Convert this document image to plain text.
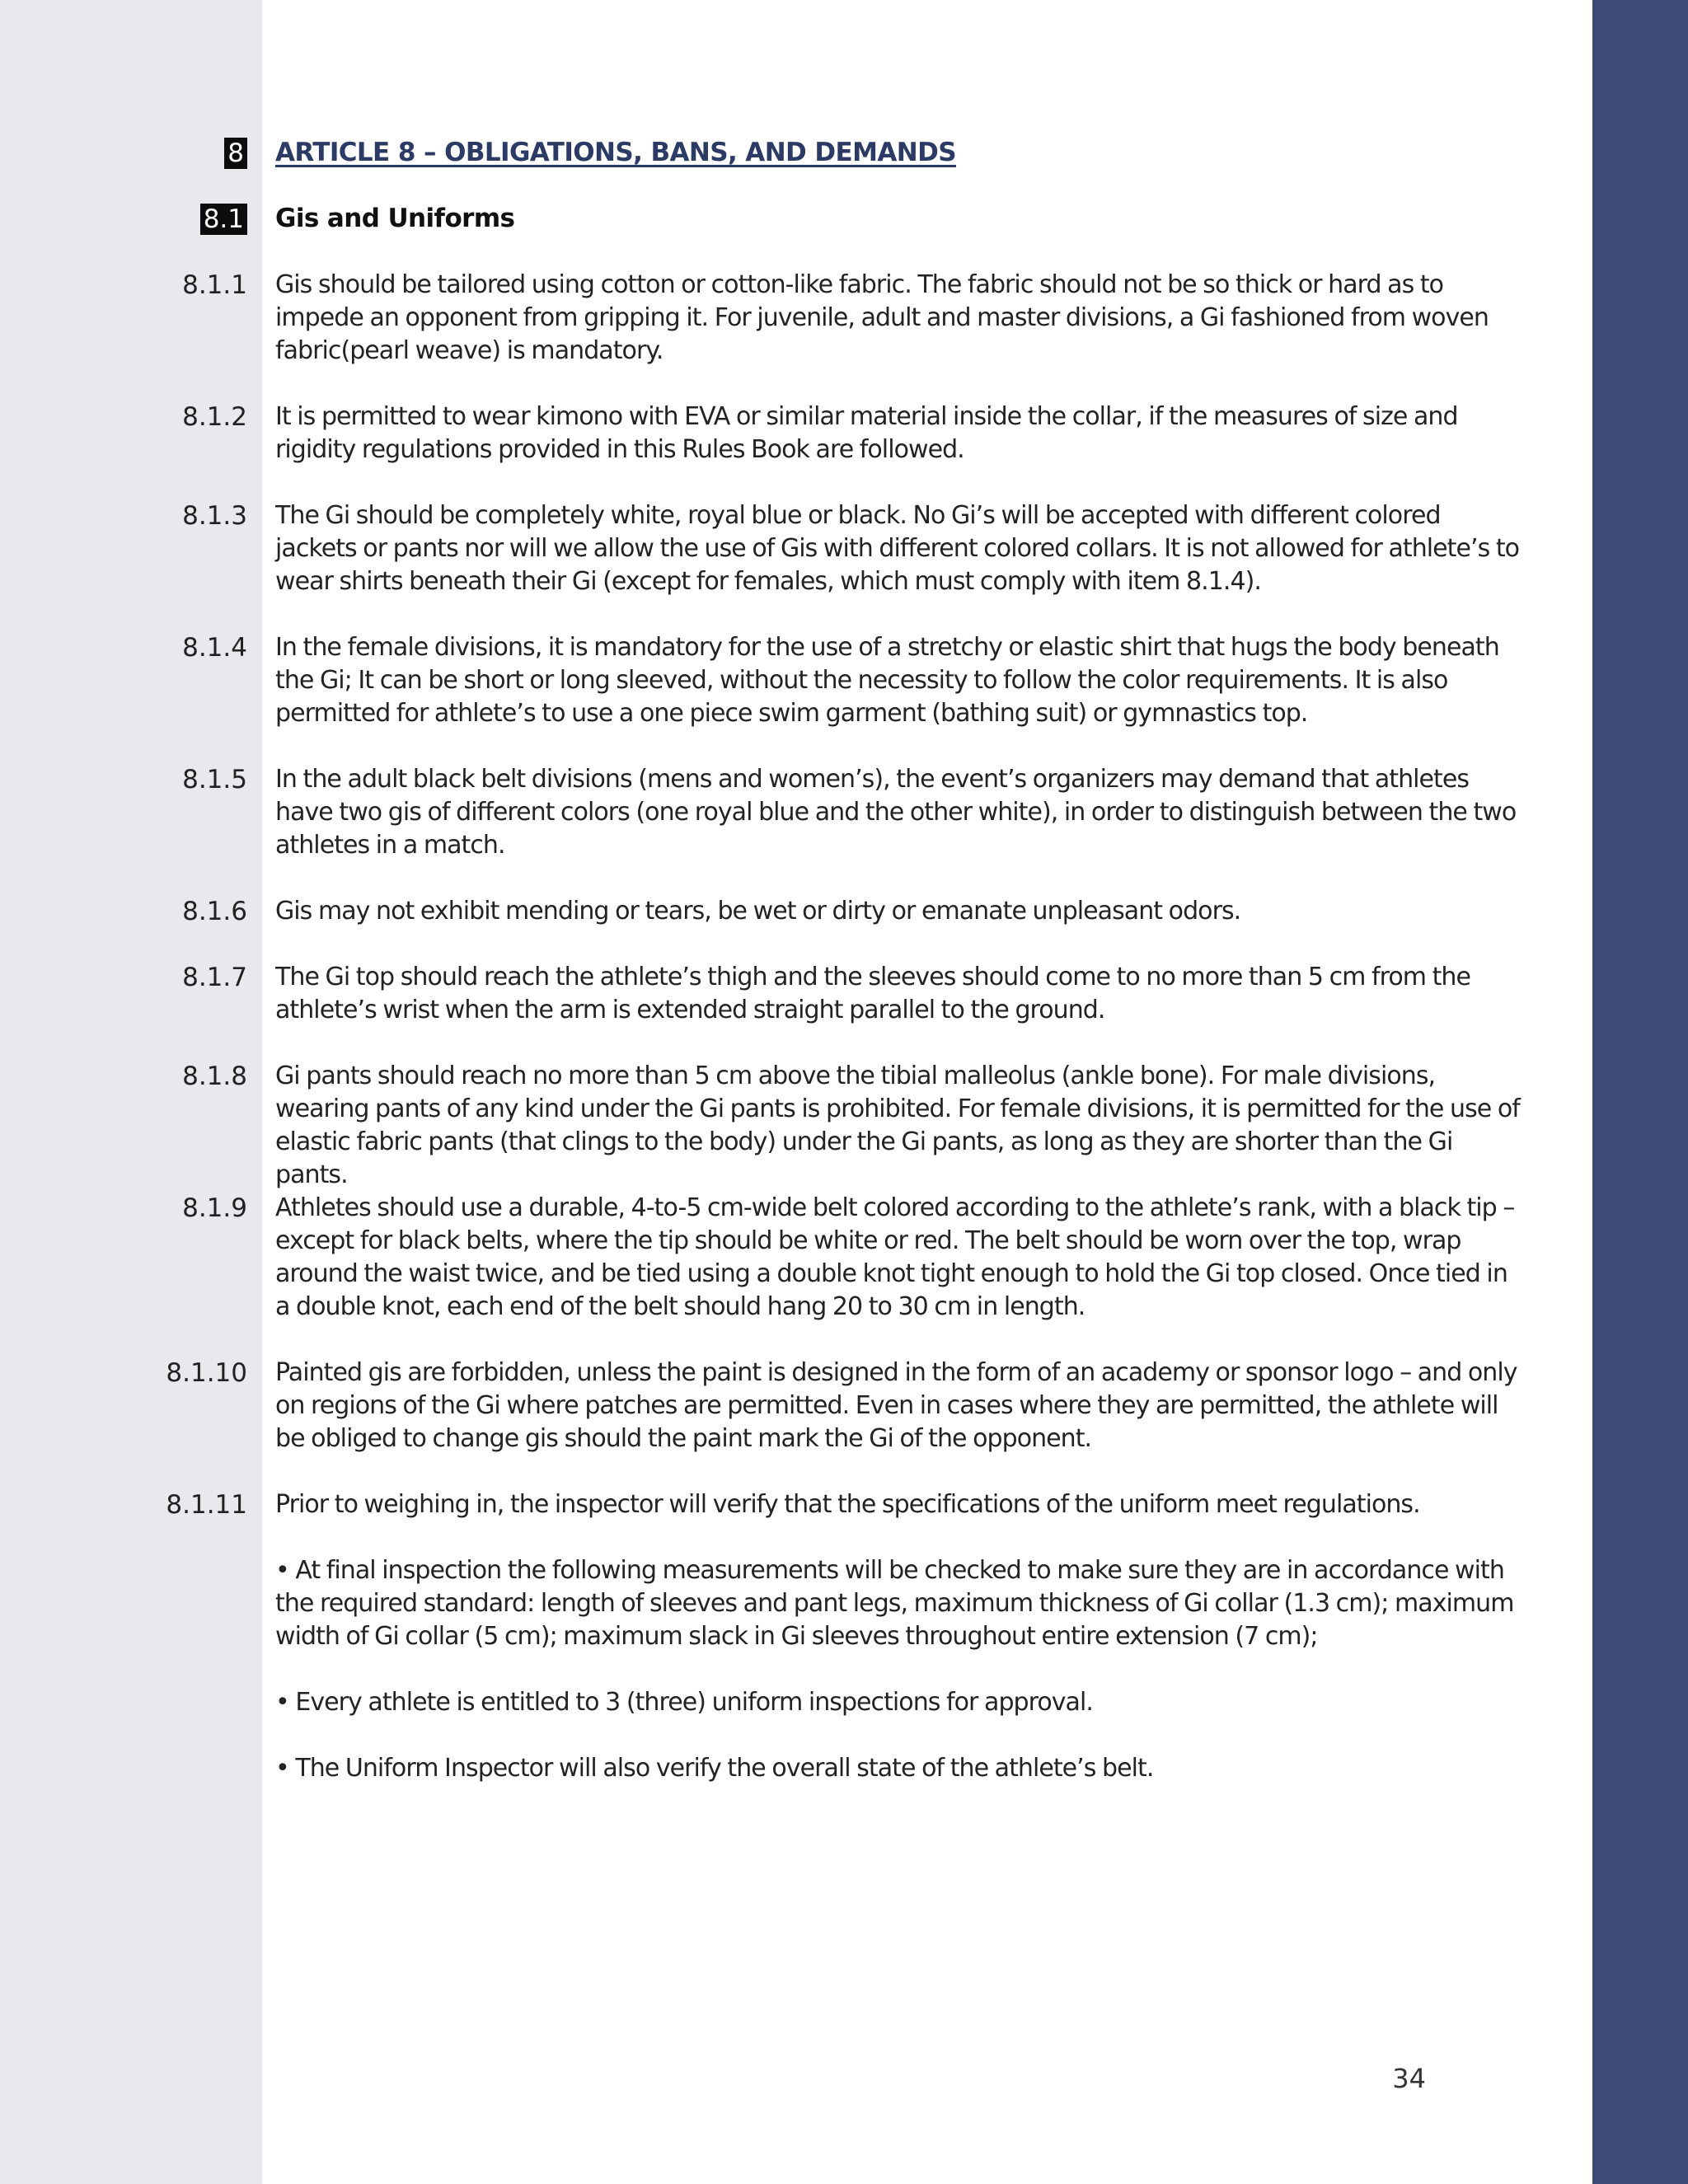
8 ARTICLE 8 – OBLIGATIONS, BANS, AND DEMANDS
8.1 Gis and Uniforms
8.1.1 Gis should be tailored using cotton or cotton-like fabric. The fabric should not be so thick or hard as to impede an opponent from gripping it. For juvenile, adult and master divisions, a Gi fashioned from woven fabric(pearl weave) is mandatory.

8.1.2 It is permitted to wear kimono with EVA or similar material inside the collar, if the measures of size and rigidity regulations provided in this Rules Book are followed.

8.1.3 The Gi should be completely white, royal blue or black. No Gi’s will be accepted with different colored jackets or pants nor will we allow the use of Gis with different colored collars. It is not allowed for athlete’s to wear shirts beneath their Gi (except for females, which must comply with item 8.1.4).

8.1.4 In the female divisions, it is mandatory for the use of a stretchy or elastic shirt that hugs the body beneath the Gi; It can be short or long sleeved, without the necessity to follow the color requirements. It is also permitted for athlete’s to use a one piece swim garment (bathing suit) or gymnastics top.

8.1.5 In the adult black belt divisions (mens and women’s), the event’s organizers may demand that athletes have two gis of different colors (one royal blue and the other white), in order to distinguish between the two athletes in a match.

8.1.6 Gis may not exhibit mending or tears, be wet or dirty or emanate unpleasant odors.

8.1.7 The Gi top should reach the athlete’s thigh and the sleeves should come to no more than 5 cm from the athlete’s wrist when the arm is extended straight parallel to the ground.

8.1.8 Gi pants should reach no more than 5 cm above the tibial malleolus (ankle bone). For male divisions, wearing pants of any kind under the Gi pants is prohibited. For female divisions, it is permitted for the use of elastic fabric pants (that clings to the body) under the Gi pants, as long as they are shorter than the Gi pants.

8.1.9 Athletes should use a durable, 4-to-5 cm-wide belt colored according to the athlete’s rank, with a black tip – except for black belts, where the tip should be white or red. The belt should be worn over the top, wrap around the waist twice, and be tied using a double knot tight enough to hold the Gi top closed. Once tied in a double knot, each end of the belt should hang 20 to 30 cm in length.

8.1.10 Painted gis are forbidden, unless the paint is designed in the form of an academy or sponsor logo – and only on regions of the Gi where patches are permitted. Even in cases where they are permitted, the athlete will be obliged to change gis should the paint mark the Gi of the opponent.

8.1.11 Prior to weighing in, the inspector will verify that the specifications of the uniform meet regulations.

• At final inspection the following measurements will be checked to make sure they are in accordance with the required standard: length of sleeves and pant legs, maximum thickness of Gi collar (1.3 cm); maximum width of Gi collar (5 cm); maximum slack in Gi sleeves throughout entire extension (7 cm);

• Every athlete is entitled to 3 (three) uniform inspections for approval.

• The Uniform Inspector will also verify the overall state of the athlete’s belt.

34
